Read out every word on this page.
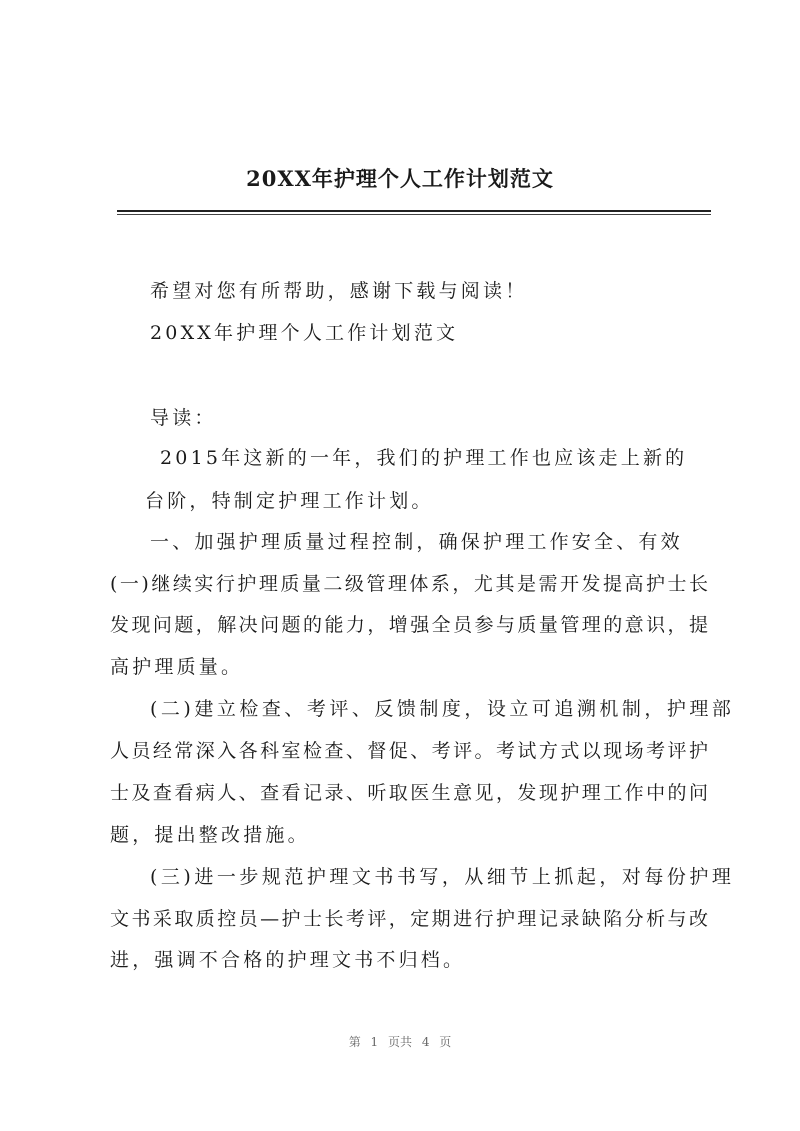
20XX年护理个人工作计划范文
希望对您有所帮助，感谢下载与阅读！
20XX年护理个人工作计划范文
导读：
2015年这新的一年，我们的护理工作也应该走上新的
台阶，特制定护理工作计划。
一、加强护理质量过程控制，确保护理工作安全、有效
(一)继续实行护理质量二级管理体系，尤其是需开发提高护士长
发现问题，解决问题的能力，增强全员参与质量管理的意识，提
高护理质量。
(二)建立检查、考评、反馈制度，设立可追溯机制，护理部
人员经常深入各科室检查、督促、考评。考试方式以现场考评护
士及查看病人、查看记录、听取医生意见，发现护理工作中的问
题，提出整改措施。
(三)进一步规范护理文书书写，从细节上抓起，对每份护理
文书采取质控员—护士长考评，定期进行护理记录缺陷分析与改
进，强调不合格的护理文书不归档。
第 1 页共 4 页
